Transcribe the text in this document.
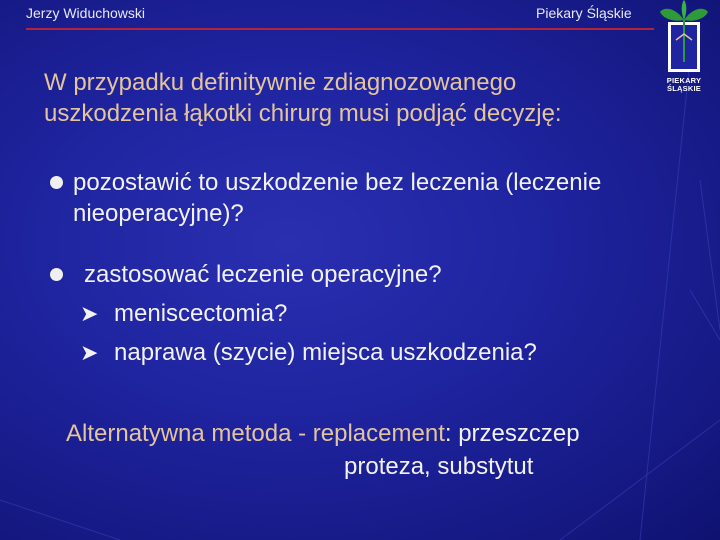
Jerzy Widuchowski	Piekary Śląskie
PIEKARY
ŚLĄSKIE
W przypadku definitywnie zdiagnozowanego
uszkodzenia łąkotki chirurg musi podjąć decyzję:
pozostawić to uszkodzenie bez leczenia (leczenie
nieoperacyjne)?
zastosować leczenie operacyjne?
➤ meniscectomia?
➤ naprawa (szycie) miejsca uszkodzenia?
Alternatywna metoda - replacement: przeszczep
proteza, substytut
